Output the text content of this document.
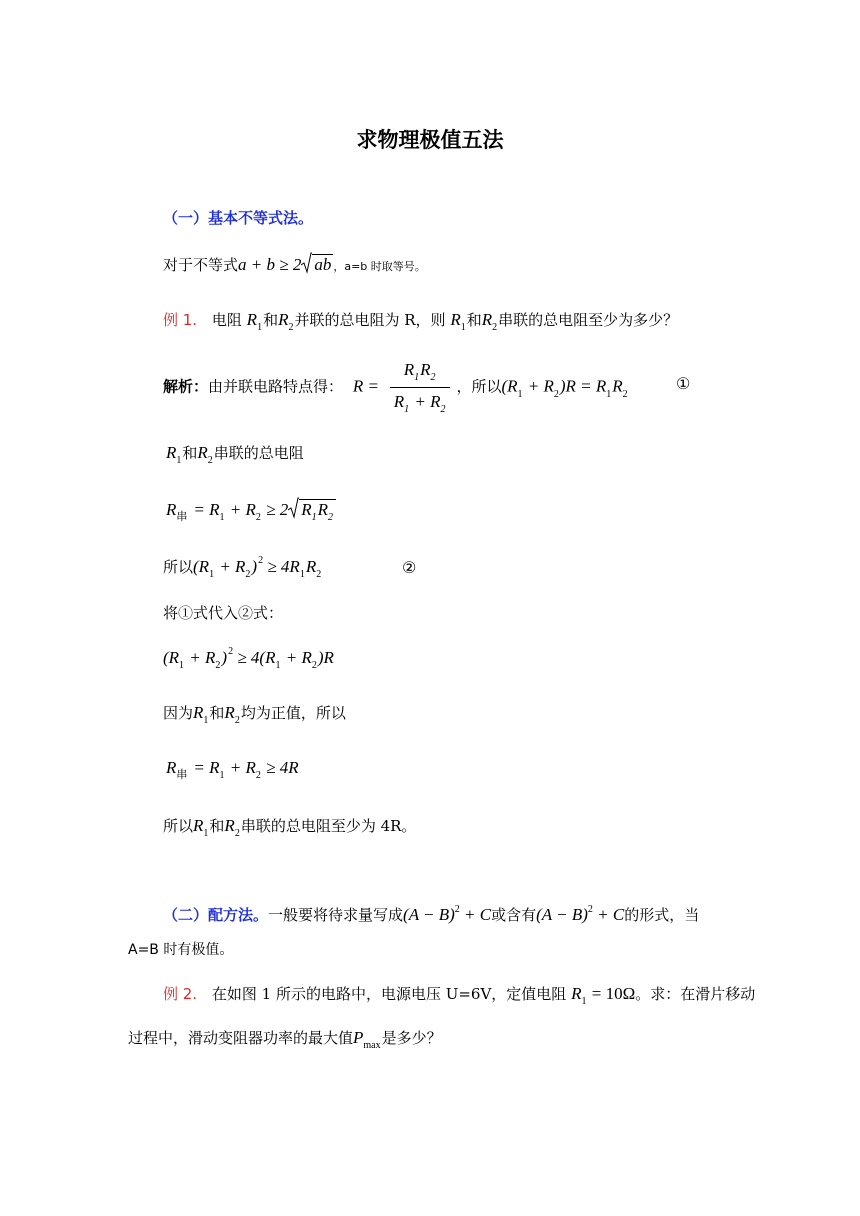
求物理极值五法
（一）基本不等式法。
对于不等式a + b ≥ 2 ab ，a=b 时取等号。
例 1. 电阻 $R_1$和$R_2$并联的总电阻为 R，则 $R_1$和$R_2$串联的总电阻至少为多少？
解析：由并联电路特点得： $R = \frac{R_1R_2}{R_1 + R_2}$ ，所以$(R_1 + R_2)R = R_1R_2$
①
$R_1$和$R_2$串联的总电阻
$R_串 = R_1 + R_2 \ge 2$ $R_1R_2$
所以$(R_1 + R_2)^2 \ge 4R_1R_2$	②
将①式代入②式：
$(R_1 + R_2)^2 \ge 4(R_1 + R_2)R$
因为$R_1$和$R_2$均为正值，所以
$R_串 = R_1 + R_2 \ge 4R$
所以$R_1$和$R_2$串联的总电阻至少为 4R。
（二）配方法。一般要将待求量写成$(A - B)^2 + C$或含有$(A - B)^2 + C$的形式，当
A=B 时有极值。
例 2. 在如图 1 所示的电路中，电源电压 U=6V，定值电阻 $R_1 = 10\Omega$。求：在滑片移动
过程中，滑动变阻器功率的最大值$P_{max}$是多少？
